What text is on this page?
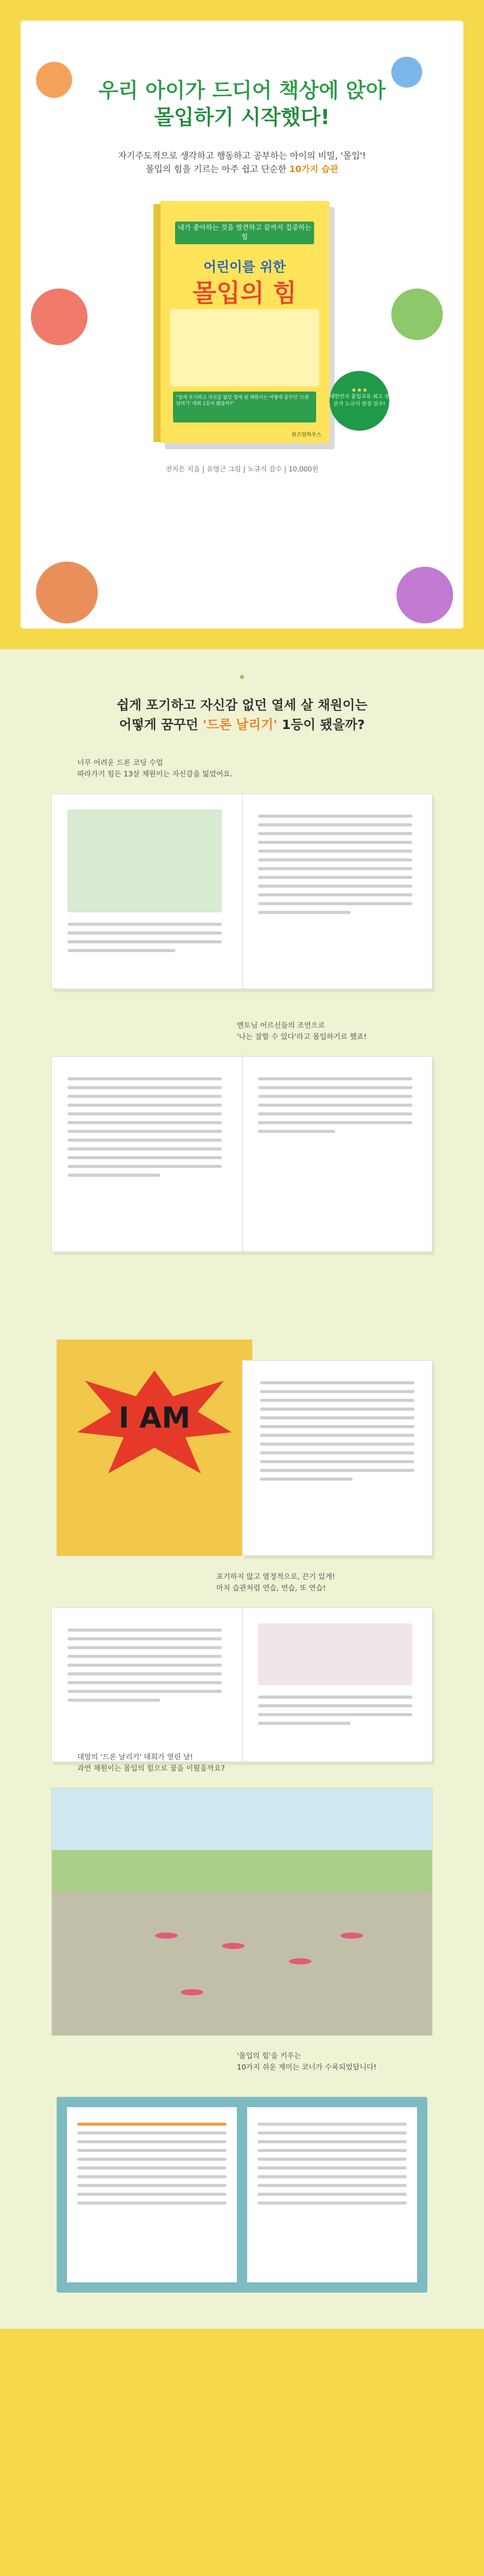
우리 아이가 드디어 책상에 앉아
몰입하기 시작했다!
자기주도적으로 생각하고 행동하고 공부하는 아이의 비밀, '몰입'!
몰입의 힘을 기르는 아주 쉽고 단순한 10가지 습관
내가 좋아하는 것을 발견하고 끝까지 집중하는 힘
어린이를 위한
몰입의 힘
"잘게 포기하고 자신감 없던 열세 살 채원이는 어떻게 꿈꾸던 '드론 날리기' 대회 1등이 됐을까?"
위즈덤하우스
★★★
대한민국 몰입교육 최고 전문가 노규식 원장 감수!
전지은 지음 | 유영근 그림 | 노규식 감수 | 10,000원
쉽게 포기하고 자신감 없던 열세 살 채원이는
어떻게 꿈꾸던 '드론 날리기' 1등이 됐을까?
너무 어려운 드론 코딩 수업
따라가기 힘든 13살 채원이는 자신감을 잃었어요.
멘토님 어르신들의 조언으로
'나는 잘할 수 있다'라고 몰입하기로 했죠!
I AM
포기하지 않고 열정적으로, 끈기 있게!
마치 습관처럼 연습, 연습, 또 연습!
대망의 '드론 날리기' 대회가 열린 날!
과연 채원이는 몰입의 힘으로 꿈을 이뤘을까요?
'몰입의 힘'을 키우는
10가지 쉬운 재미는 코너가 수록되었답니다!
